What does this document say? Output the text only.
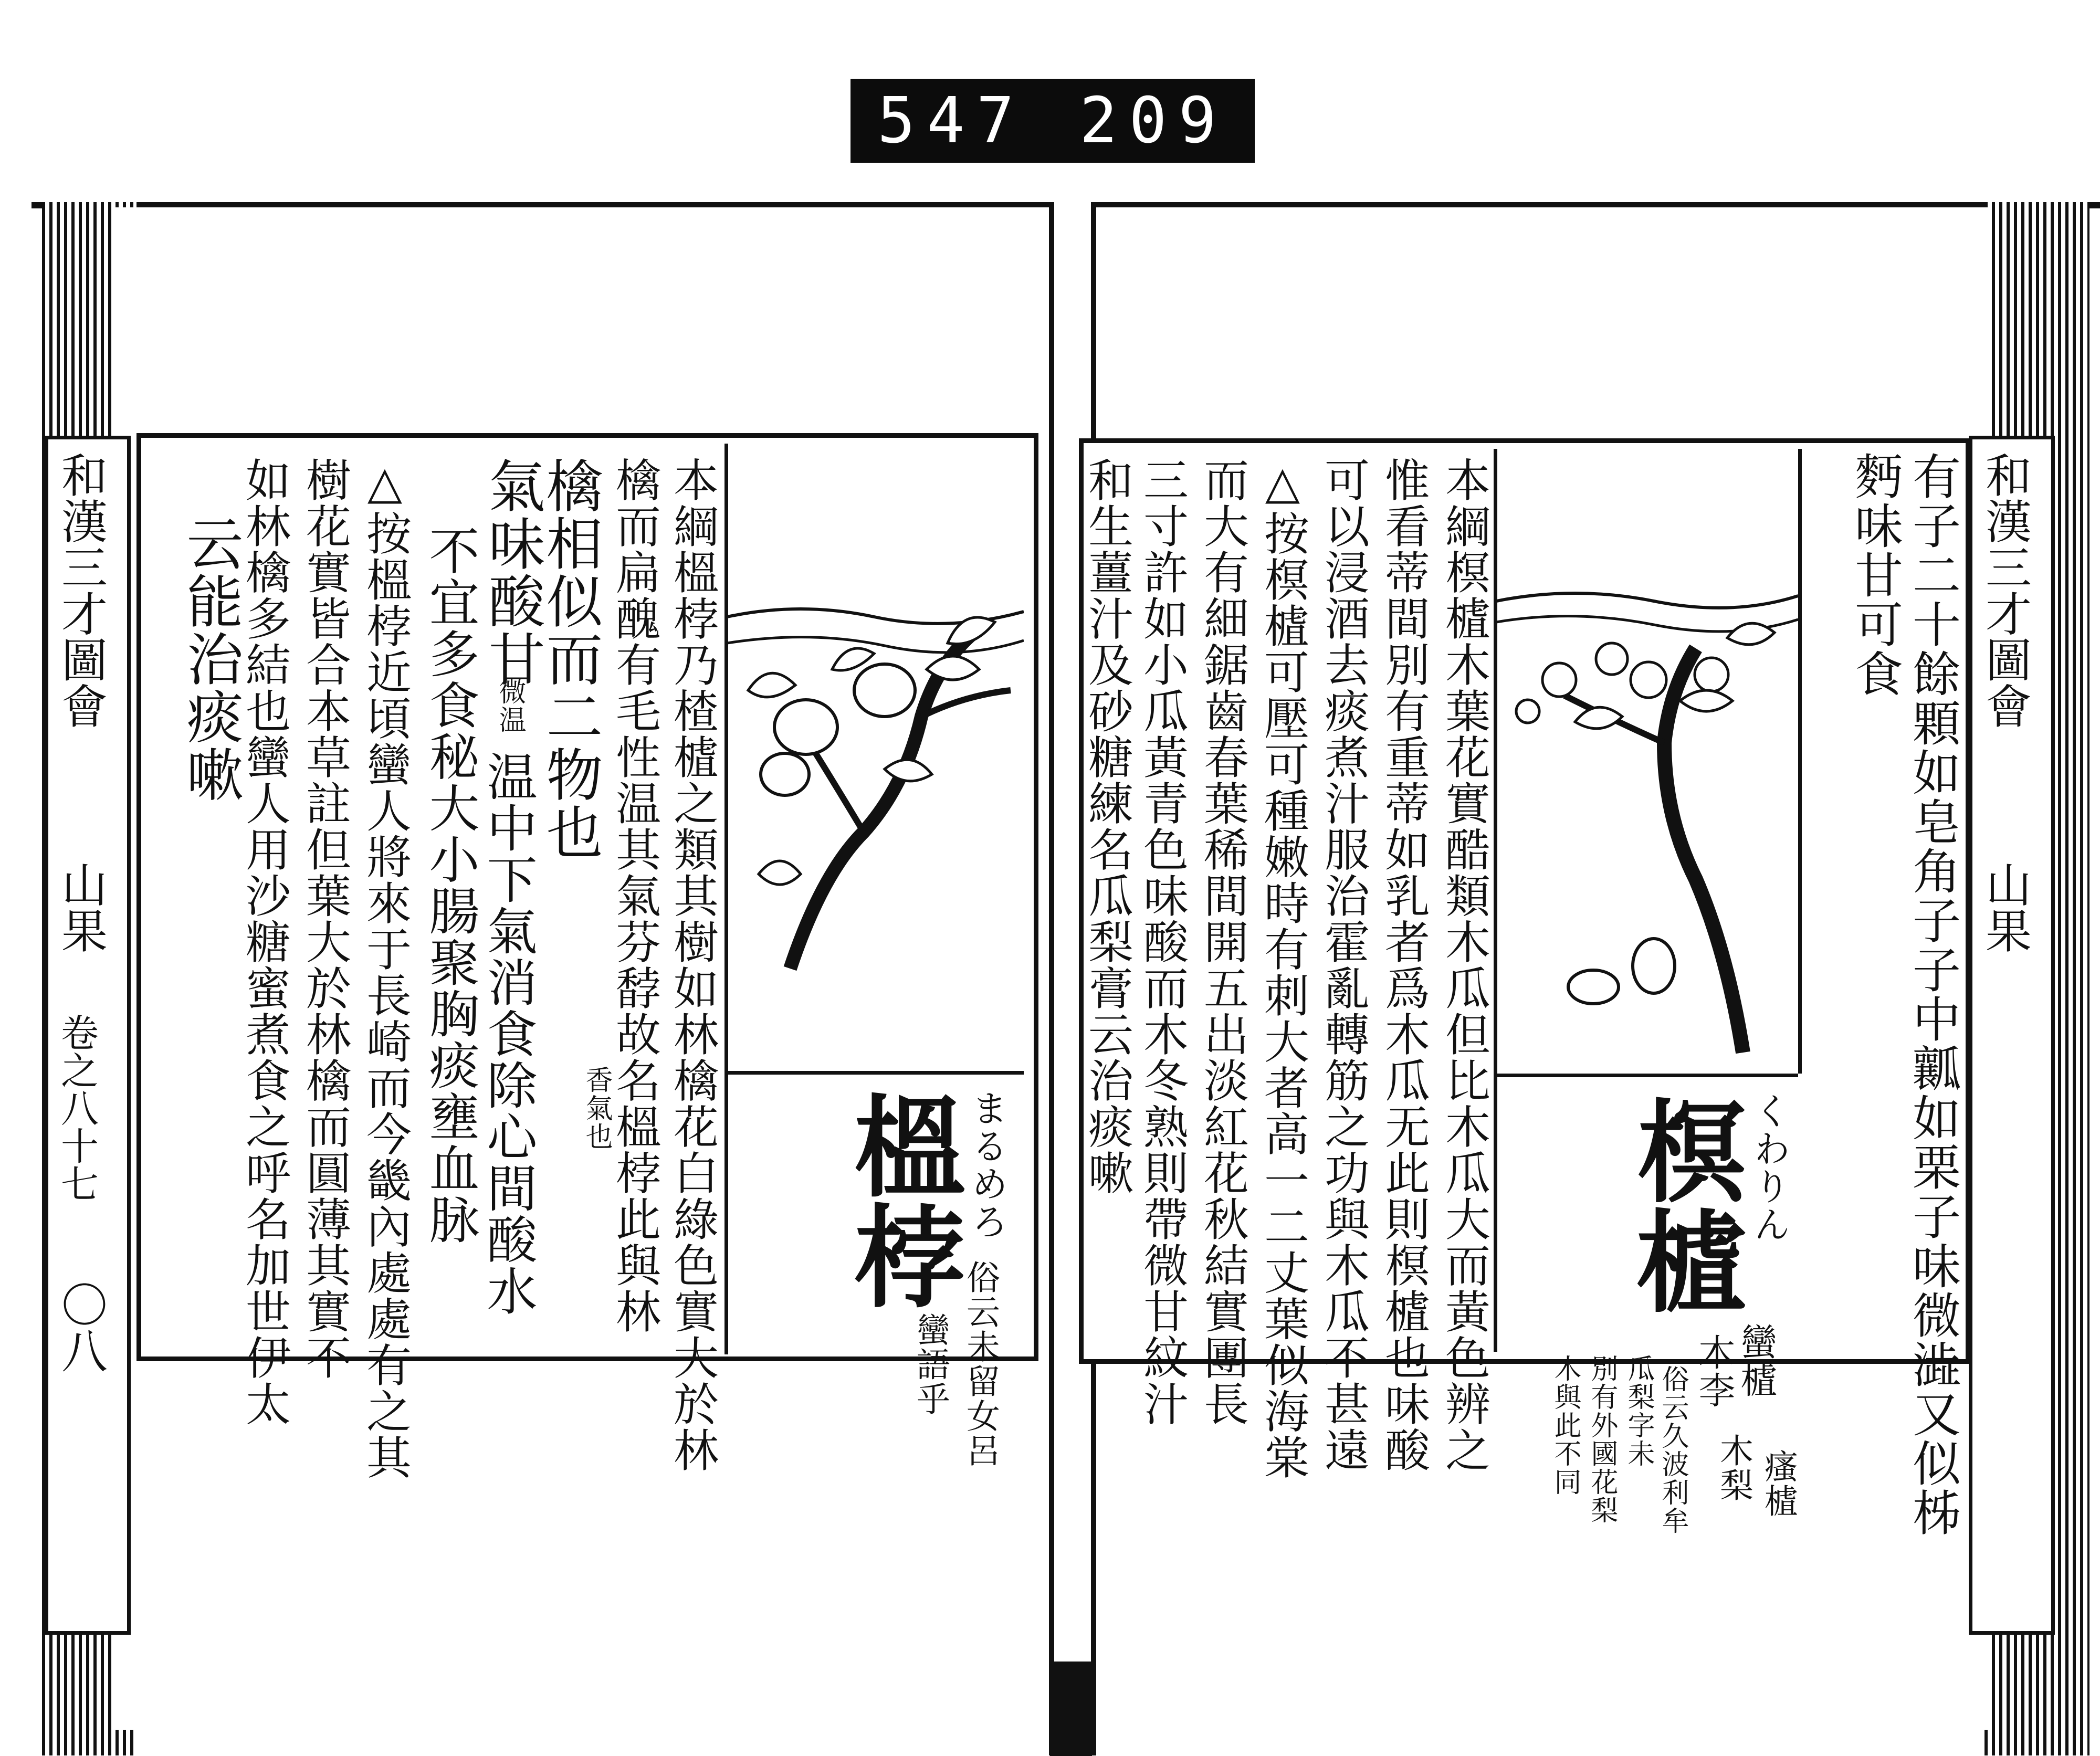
547 209
和漢三才圖會
山果
卷之八十七
〇八
榲桲 まるめろ
俗云未留女呂
蠻語乎
本綱榲桲乃楂樝之類其樹如林檎花白綠色實大於林
檎而扁醜有毛性温其氣芬馞故名榲桲此與林
香氣也
檎相似而二物也
氣味酸甘
微温
温中下氣消食除心間酸水
不宜多食秘大小腸聚胸痰壅血脉
△按榲桲近頃蠻人將來于長崎而今畿內處處有之其
樹花實皆合本草註但葉大於林檎而圓薄其實不
如林檎多結也蠻人用沙糖蜜煮食之呼名加世伊太
云能治痰嗽	和漢三才圖會
山果
有子二十餘顆如皂角子子中瓤如栗子味微澁又似柹
麪味甘可食
榠樝 くわりん
蠻樝
瘙樝
木李
木梨
俗云久波利牟
瓜梨字未
別有外國花梨
木與此不同
本綱榠樝木葉花實酷類木瓜但比木瓜大而黃色辨之
惟看蒂間別有重蒂如乳者爲木瓜无此則榠樝也味酸
可以浸酒去痰煮汁服治霍亂轉筋之功與木瓜不甚遠
△按榠樝可壓可種嫩時有刺大者高一二丈葉似海棠
而大有細鋸齒春葉稀間開五出淡紅花秋結實團長
三寸許如小瓜黃青色味酸而木冬熟則帶微甘紋汁
和生薑汁及砂糖練名瓜梨膏云治痰嗽
